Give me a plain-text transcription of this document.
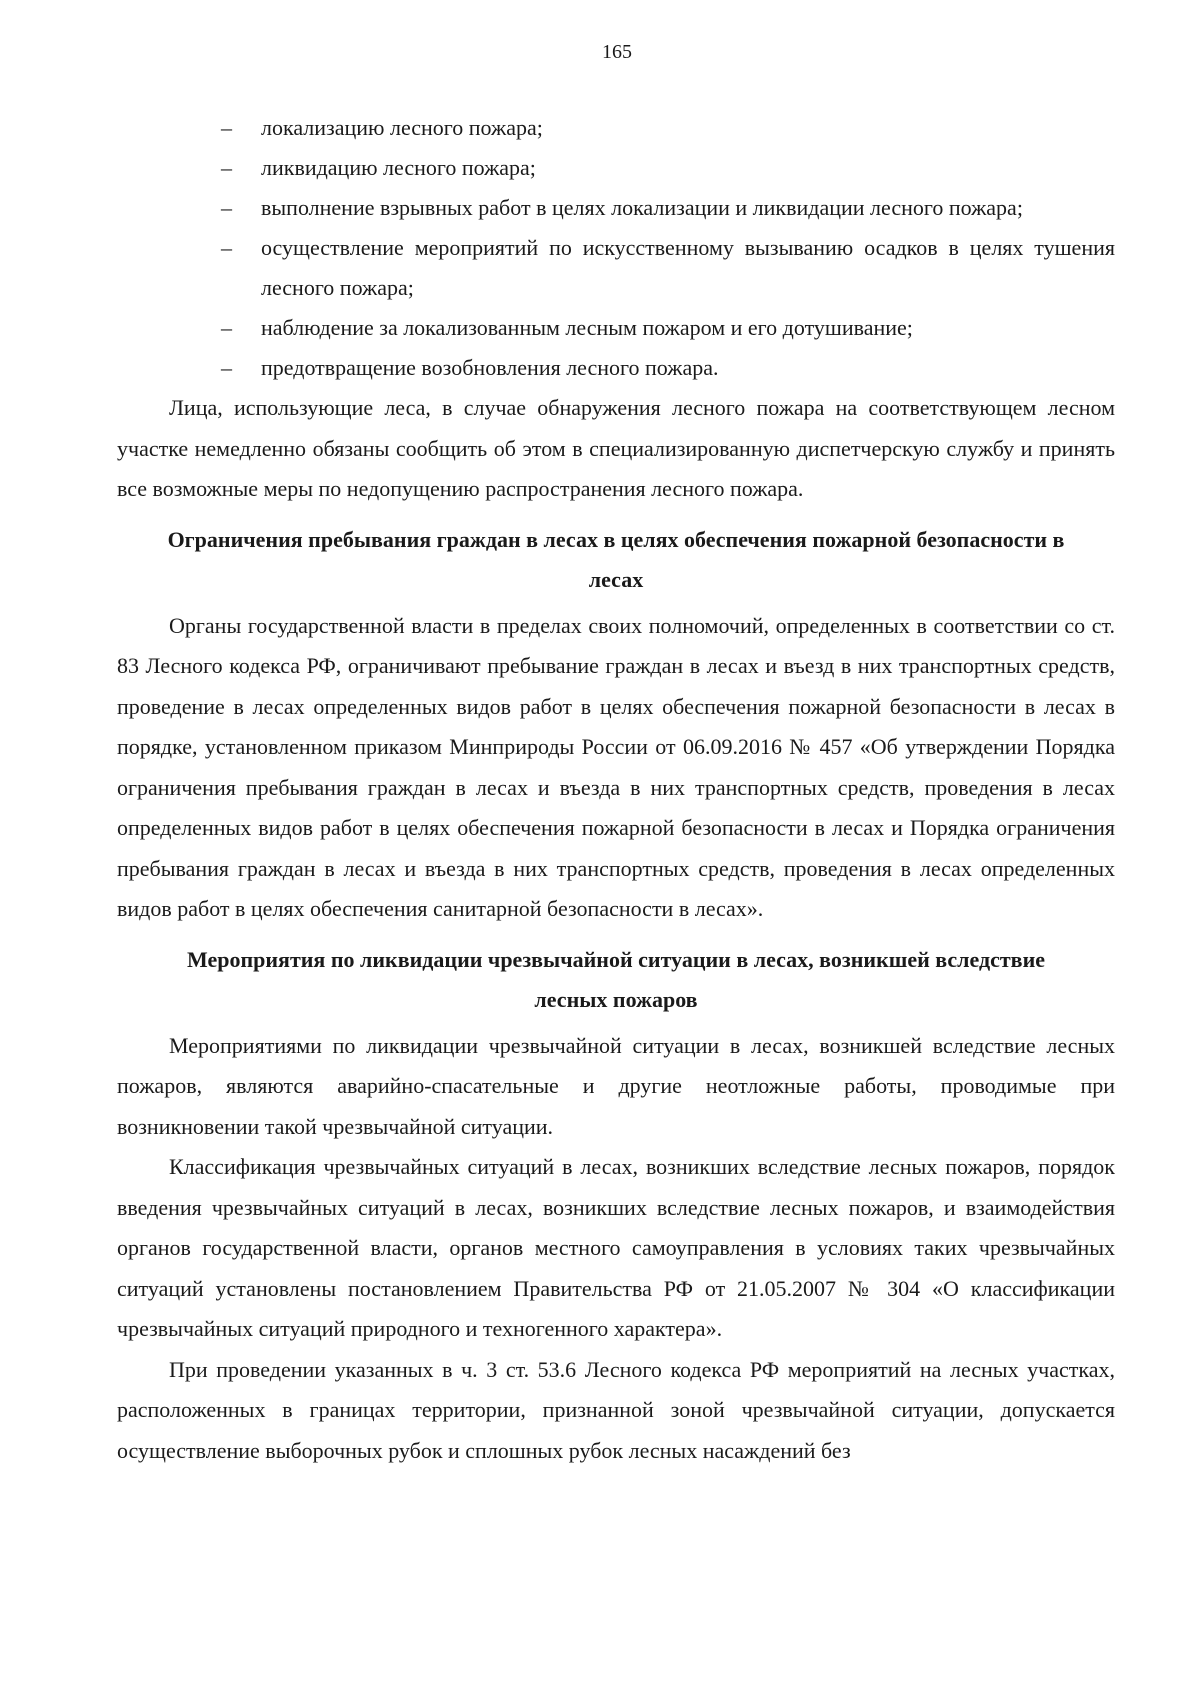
165
– локализацию лесного пожара;
– ликвидацию лесного пожара;
– выполнение взрывных работ в целях локализации и ликвидации лесного пожара;
– осуществление мероприятий по искусственному вызыванию осадков в целях тушения лесного пожара;
– наблюдение за локализованным лесным пожаром и его дотушивание;
– предотвращение возобновления лесного пожара.

Лица, использующие леса, в случае обнаружения лесного пожара на соответствующем лесном участке немедленно обязаны сообщить об этом в специализированную диспетчерскую службу и принять все возможные меры по недопущению распространения лесного пожара.

Ограничения пребывания граждан в лесах в целях обеспечения пожарной безопасности в лесах

Органы государственной власти в пределах своих полномочий, определенных в соответствии со ст. 83 Лесного кодекса РФ, ограничивают пребывание граждан в лесах и въезд в них транспортных средств, проведение в лесах определенных видов работ в целях обеспечения пожарной безопасности в лесах в порядке, установленном приказом Минприроды России от 06.09.2016 № 457 «Об утверждении Порядка ограничения пребывания граждан в лесах и въезда в них транспортных средств, проведения в лесах определенных видов работ в целях обеспечения пожарной безопасности в лесах и Порядка ограничения пребывания граждан в лесах и въезда в них транспортных средств, проведения в лесах определенных видов работ в целях обеспечения санитарной безопасности в лесах».

Мероприятия по ликвидации чрезвычайной ситуации в лесах, возникшей вследствие лесных пожаров

Мероприятиями по ликвидации чрезвычайной ситуации в лесах, возникшей вследствие лесных пожаров, являются аварийно-спасательные и другие неотложные работы, проводимые при возникновении такой чрезвычайной ситуации.

Классификация чрезвычайных ситуаций в лесах, возникших вследствие лесных пожаров, порядок введения чрезвычайных ситуаций в лесах, возникших вследствие лесных пожаров, и взаимодействия органов государственной власти, органов местного самоуправления в условиях таких чрезвычайных ситуаций установлены постановлением Правительства РФ от 21.05.2007 № 304 «О классификации чрезвычайных ситуаций природного и техногенного характера».

При проведении указанных в ч. 3 ст. 53.6 Лесного кодекса РФ мероприятий на лесных участках, расположенных в границах территории, признанной зоной чрезвычайной ситуации, допускается осуществление выборочных рубок и сплошных рубок лесных насаждений без
